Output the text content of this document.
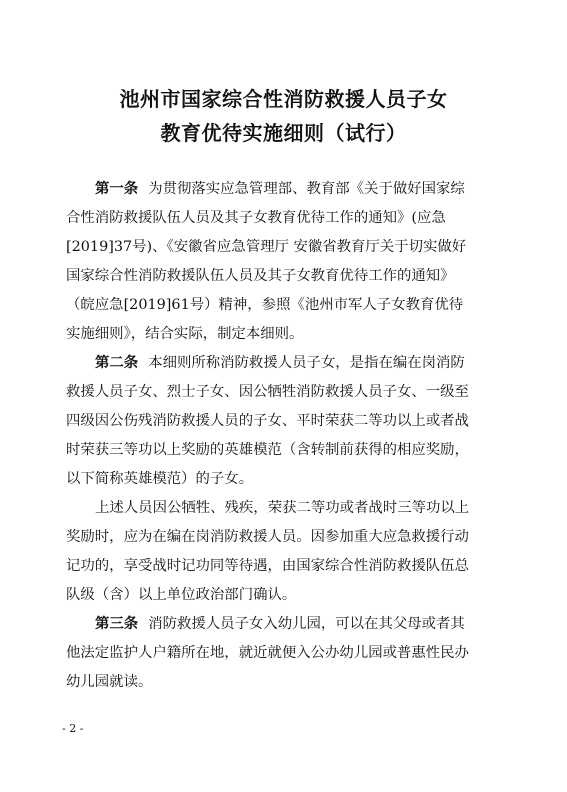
池州市国家综合性消防救援人员子女
教育优待实施细则（试行）
第一条 为贯彻落实应急管理部、教育部《关于做好国家综
合性消防救援队伍人员及其子女教育优待工作的通知》(应急
[2019]37号)、《安徽省应急管理厅 安徽省教育厅关于切实做好
国家综合性消防救援队伍人员及其子女教育优待工作的通知》
（皖应急[2019]61号）精神，参照《池州市军人子女教育优待
实施细则》，结合实际，制定本细则。
第二条 本细则所称消防救援人员子女，是指在编在岗消防
救援人员子女、烈士子女、因公牺牲消防救援人员子女、一级至
四级因公伤残消防救援人员的子女、平时荣获二等功以上或者战
时荣获三等功以上奖励的英雄模范（含转制前获得的相应奖励，
以下简称英雄模范）的子女。
上述人员因公牺牲、残疾，荣获二等功或者战时三等功以上
奖励时，应为在编在岗消防救援人员。因参加重大应急救援行动
记功的，享受战时记功同等待遇，由国家综合性消防救援队伍总
队级（含）以上单位政治部门确认。
第三条 消防救援人员子女入幼儿园，可以在其父母或者其
他法定监护人户籍所在地，就近就便入公办幼儿园或普惠性民办
幼儿园就读。
- 2 -
